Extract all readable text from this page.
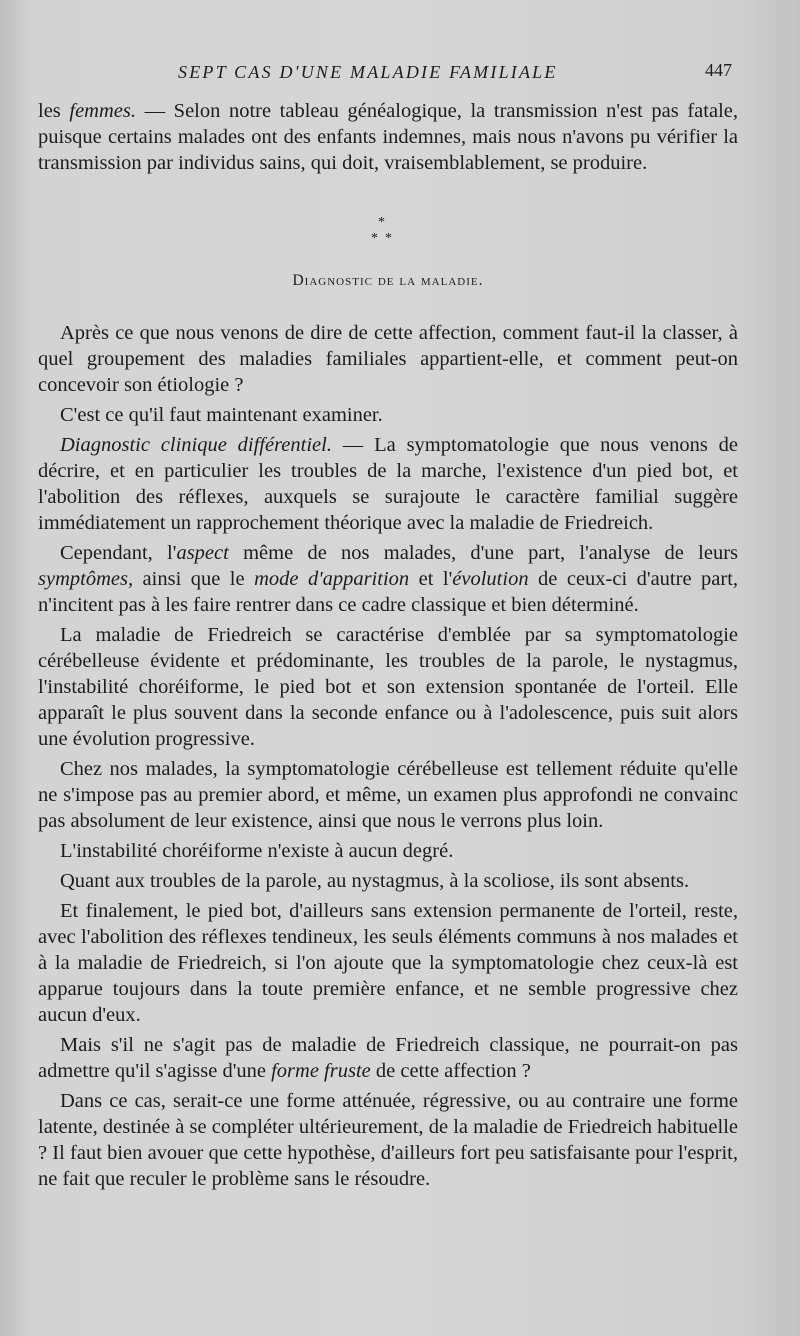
SEPT CAS D'UNE MALADIE FAMILIALE	447

les femmes. — Selon notre tableau généalogique, la transmission n'est pas fatale, puisque certains malades ont des enfants indemnes, mais nous n'avons pu vérifier la transmission par individus sains, qui doit, vraisemblablement, se produire.

*
* *
Diagnostic de la maladie.

Après ce que nous venons de dire de cette affection, comment faut-il la classer, à quel groupement des maladies familiales appartient-elle, et comment peut-on concevoir son étiologie ?

C'est ce qu'il faut maintenant examiner.

Diagnostic clinique différentiel. — La symptomatologie que nous venons de décrire, et en particulier les troubles de la marche, l'existence d'un pied bot, et l'abolition des réflexes, auxquels se surajoute le caractère familial suggère immédiatement un rapprochement théorique avec la maladie de Friedreich.

Cependant, l'aspect même de nos malades, d'une part, l'analyse de leurs symptômes, ainsi que le mode d'apparition et l'évolution de ceux-ci d'autre part, n'incitent pas à les faire rentrer dans ce cadre classique et bien déterminé.

La maladie de Friedreich se caractérise d'emblée par sa symptomatologie cérébelleuse évidente et prédominante, les troubles de la parole, le nystagmus, l'instabilité choréiforme, le pied bot et son extension spontanée de l'orteil. Elle apparaît le plus souvent dans la seconde enfance ou à l'adolescence, puis suit alors une évolution progressive.

Chez nos malades, la symptomatologie cérébelleuse est tellement réduite qu'elle ne s'impose pas au premier abord, et même, un examen plus approfondi ne convainc pas absolument de leur existence, ainsi que nous le verrons plus loin.

L'instabilité choréiforme n'existe à aucun degré.

Quant aux troubles de la parole, au nystagmus, à la scoliose, ils sont absents.

Et finalement, le pied bot, d'ailleurs sans extension permanente de l'orteil, reste, avec l'abolition des réflexes tendineux, les seuls éléments communs à nos malades et à la maladie de Friedreich, si l'on ajoute que la symptomatologie chez ceux-là est apparue toujours dans la toute première enfance, et ne semble progressive chez aucun d'eux.

Mais s'il ne s'agit pas de maladie de Friedreich classique, ne pourrait-on pas admettre qu'il s'agisse d'une forme fruste de cette affection ?

Dans ce cas, serait-ce une forme atténuée, régressive, ou au contraire une forme latente, destinée à se compléter ultérieurement, de la maladie de Friedreich habituelle ? Il faut bien avouer que cette hypothèse, d'ailleurs fort peu satisfaisante pour l'esprit, ne fait que reculer le problème sans le résoudre.
